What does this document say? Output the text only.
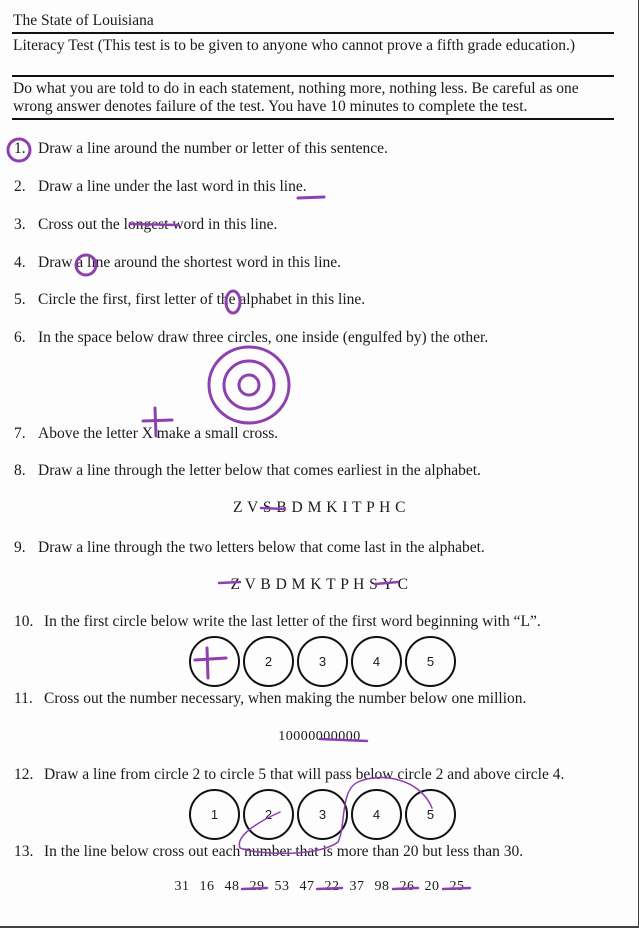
The State of Louisiana
Literacy Test (This test is to be given to anyone who cannot prove a fifth grade education.)
Do what you are told to do in each statement, nothing more, nothing less. Be careful as one wrong answer denotes failure of the test. You have 10 minutes to complete the test.
1. Draw a line around the number or letter of this sentence.
2. Draw a line under the last word in this line.
3. Cross out the longest word in this line.
4. Draw a line around the shortest word in this line.
5. Circle the first, first letter of the alphabet in this line.
6. In the space below draw three circles, one inside (engulfed by) the other.
7. Above the letter X make a small cross.
8. Draw a line through the letter below that comes earliest in the alphabet.
Z V S B D M K I T P H C
9. Draw a line through the two letters below that come last in the alphabet.
Z V B D M K T P H S Y C
10. In the first circle below write the last letter of the first word beginning with “L”.
2	3	4	5
11. Cross out the number necessary, when making the number below one million.
10000000000
12. Draw a line from circle 2 to circle 5 that will pass below circle 2 and above circle 4.
1	2	3	4	5
13. In the line below cross out each number that is more than 20 but less than 30.
31 16 48 29 53 47 22 37 98 26 20 25
